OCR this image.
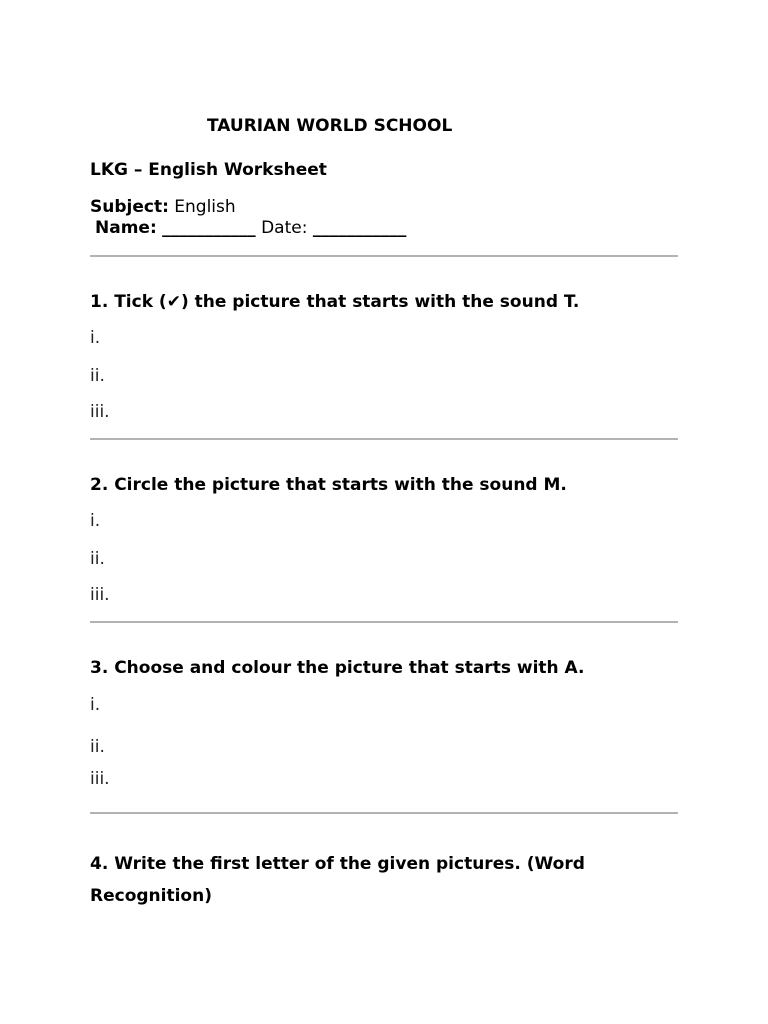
TAURIAN WORLD SCHOOL
LKG – English Worksheet
Subject: English
Name: ___________ Date: ___________
1. Tick (✔) the picture that starts with the sound T.
i.
ii.
iii.
2. Circle the picture that starts with the sound M.
i.
ii.
iii.
3. Choose and colour the picture that starts with A.
i.
ii.
iii.
4. Write the first letter of the given pictures. (Word Recognition)
